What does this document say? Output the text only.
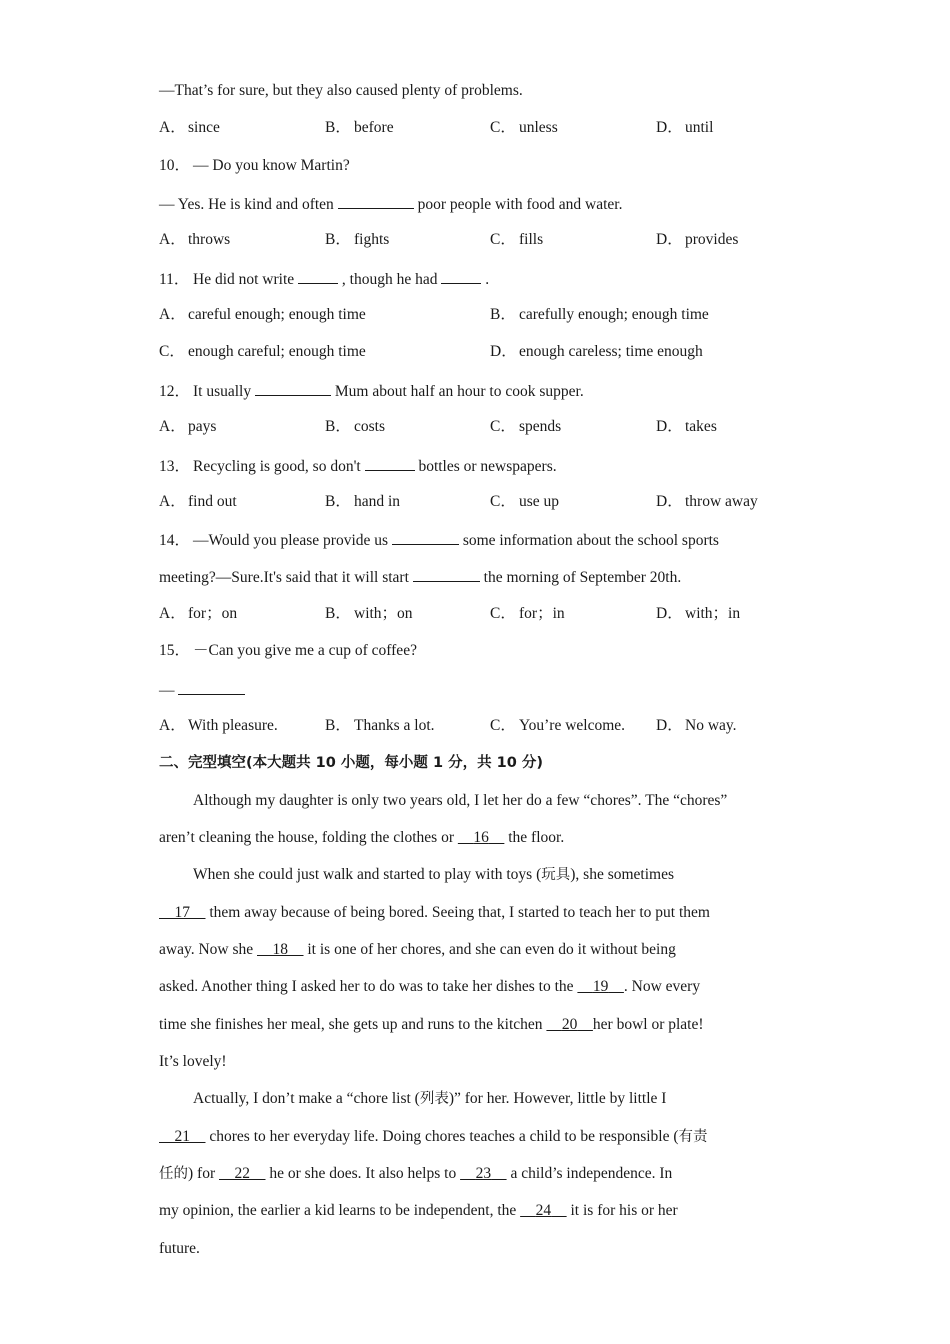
—That’s for sure, but they also caused plenty of problems.
A． since	B． before	C． unless	D． until
10． — Do you know Martin?
— Yes. He is kind and often	poor people with food and water.
A． throws	B． fights	C． fills	D． provides
11． He did not write	, though he had	.
A． careful enough; enough time	B． carefully enough; enough time
C． enough careful; enough time	D． enough careless; time enough
12． It usually	Mum about half an hour to cook supper.
A． pays	B． costs	C． spends	D． takes
13． Recycling is good, so don't	bottles or newspapers.
A． find out	B． hand in	C． use up	D． throw away
14． —Would you please provide us	some information about the school sports
meeting?—Sure.It's said that it will start	the morning of September 20th.
A． for；on	B． with；on	C． for；in	D． with；in
15． －Can you give me a cup of coffee?
—
A． With pleasure.	B． Thanks a lot.	C． You’re welcome. D． No way.
二、完型填空(本大题共 10 小题，每小题 1 分，共 10 分)
Although my daughter is only two years old, I let her do a few “chores”. The “chores”
aren’t cleaning the house, folding the clothes or ​    16     the floor.
When she could just walk and started to play with toys (玩具), she sometimes
17     them away because of being bored. Seeing that, I started to teach her to put them
away. Now she     18     it is one of her chores, and she can even do it without being
asked. Another thing I asked her to do was to take her dishes to the     19 . Now every
time she finishes her meal, she gets up and runs to the kitchen     20 her bowl or plate!
It’s lovely!
Actually, I don’t make a “chore list (列表)” for her. However, little by little I
21     chores to her everyday life. Doing chores teaches a child to be responsible (有责
任的) for     22     he or she does. It also helps to     23     a child’s independence. In
my opinion, the earlier a kid learns to be independent, the     24     it is for his or her
future.
